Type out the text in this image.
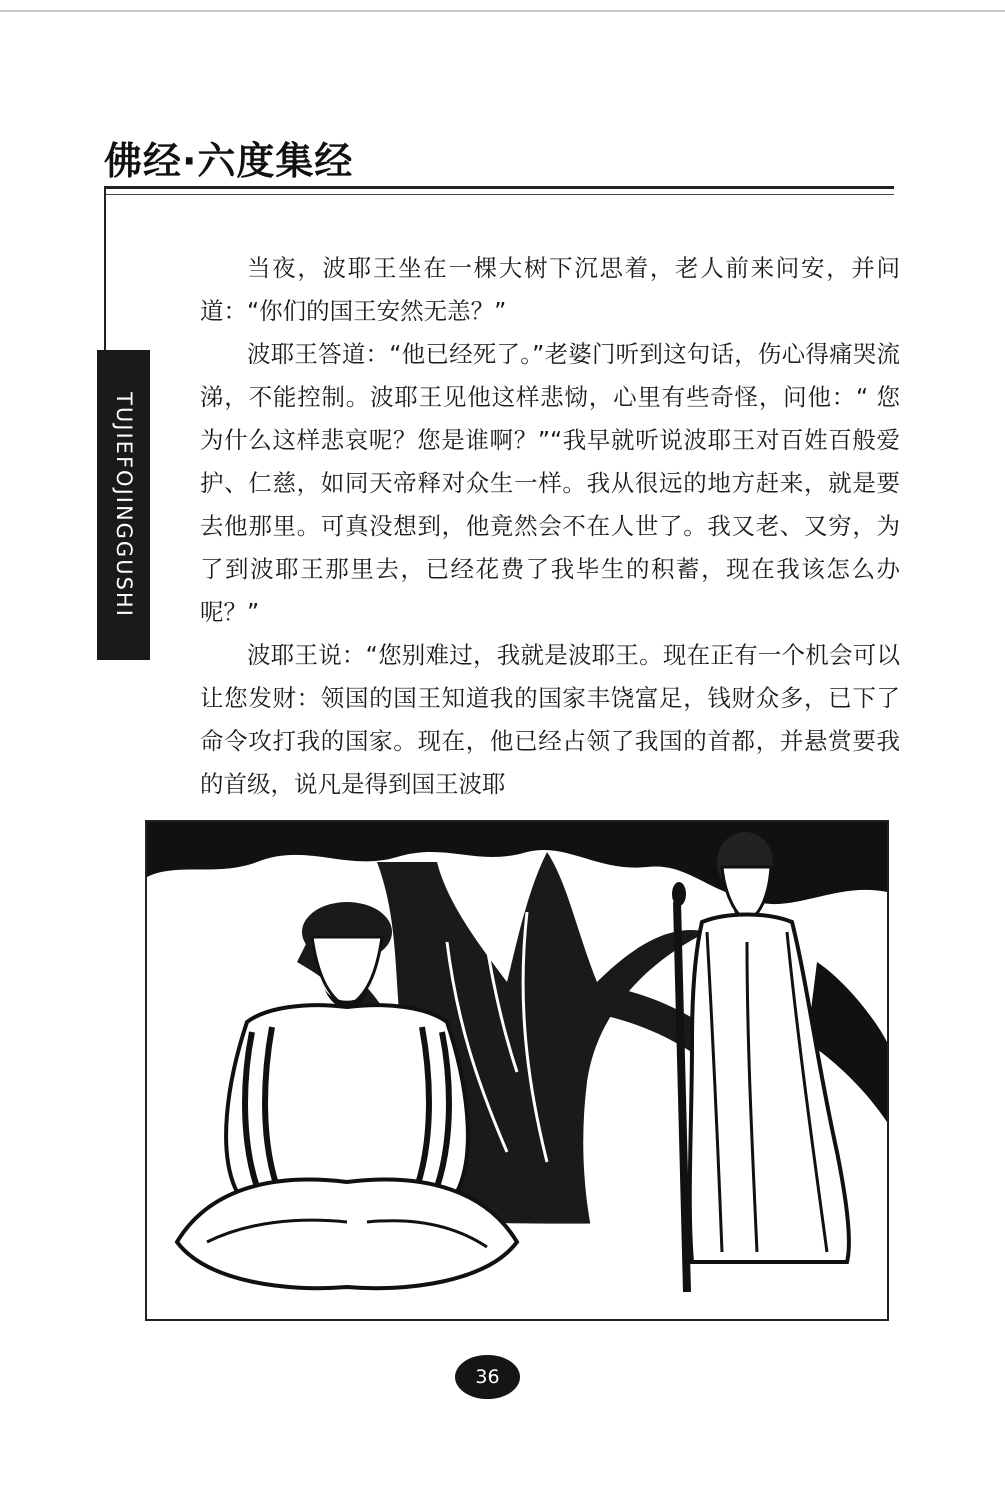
佛经·六度集经
TUJIEFOJINGGUSHI

当夜，波耶王坐在一棵大树下沉思着，老人前来问安，并问道：“你们的国王安然无恙？”

波耶王答道：“他已经死了。”老婆门听到这句话，伤心得痛哭流涕，不能控制。波耶王见他这样悲恸，心里有些奇怪，问他：“ 您为什么这样悲哀呢？您是谁啊？”“我早就听说波耶王对百姓百般爱护、仁慈，如同天帝释对众生一样。我从很远的地方赶来，就是要去他那里。可真没想到，他竟然会不在人世了。我又老、又穷，为了到波耶王那里去，已经花费了我毕生的积蓄，现在我该怎么办呢？”

波耶王说：“您别难过，我就是波耶王。现在正有一个机会可以让您发财：领国的国王知道我的国家丰饶富足，钱财众多，已下了命令攻打我的国家。现在，他已经占领了我国的首都，并悬赏要我的首级，说凡是得到国王波耶

36
